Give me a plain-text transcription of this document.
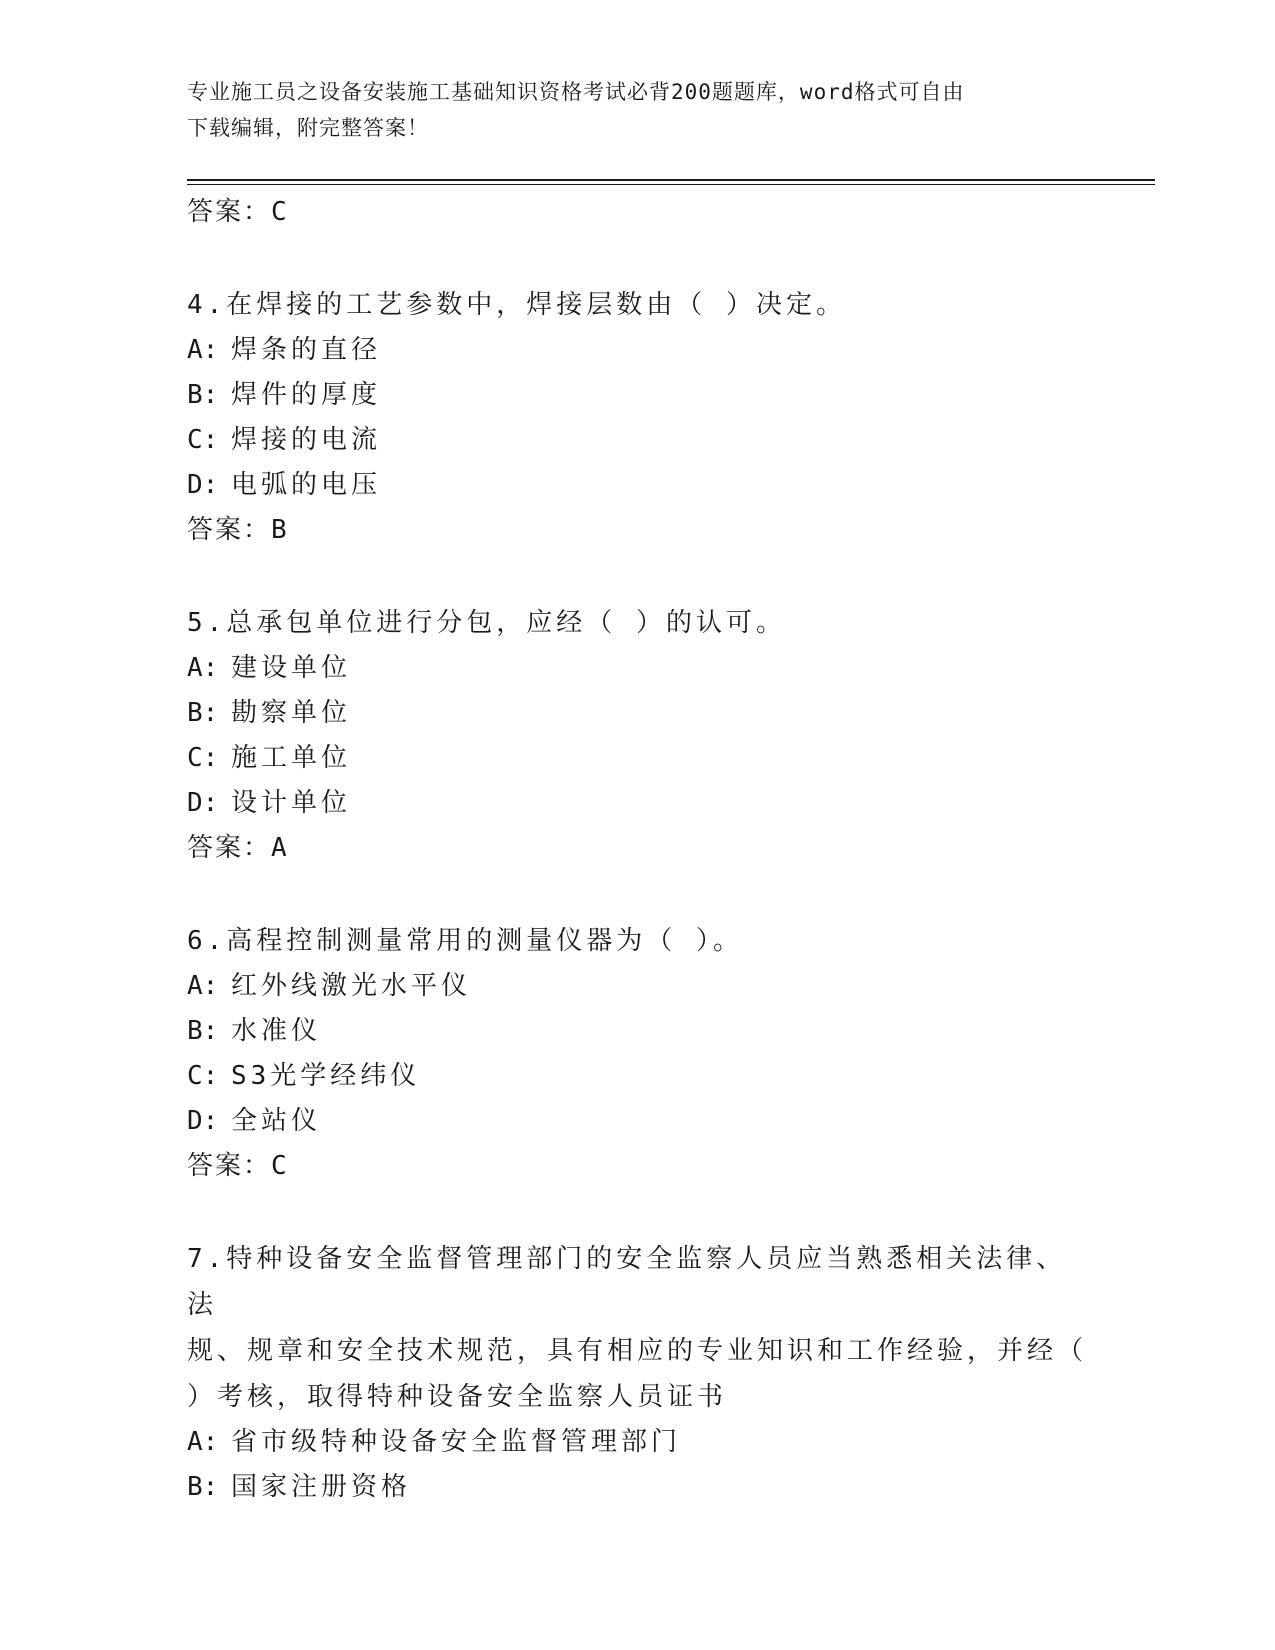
专业施工员之设备安装施工基础知识资格考试必背200题题库，word格式可自由
下载编辑，附完整答案！
答案：C
4.在焊接的工艺参数中，焊接层数由（ ）决定。
A: 焊条的直径
B: 焊件的厚度
C: 焊接的电流
D: 电弧的电压
答案：B
5.总承包单位进行分包，应经（ ）的认可。
A: 建设单位
B: 勘察单位
C: 施工单位
D: 设计单位
答案：A
6.高程控制测量常用的测量仪器为（ ）。
A: 红外线激光水平仪
B: 水准仪
C: S3光学经纬仪
D: 全站仪
答案：C
7.特种设备安全监督管理部门的安全监察人员应当熟悉相关法律、法
规、规章和安全技术规范，具有相应的专业知识和工作经验，并经（
）考核，取得特种设备安全监察人员证书
A: 省市级特种设备安全监督管理部门
B: 国家注册资格
